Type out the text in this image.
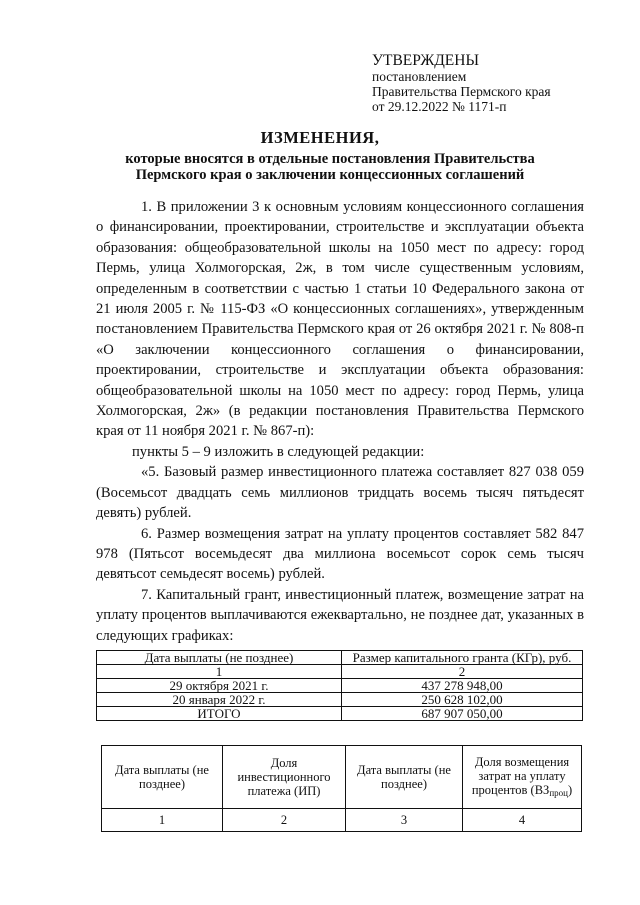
УТВЕРЖДЕНЫ
постановлением
Правительства Пермского края
от 29.12.2022 № 1171-п
ИЗМЕНЕНИЯ,
которые вносятся в отдельные постановления Правительства
Пермского края о заключении концессионных соглашений

1. В приложении 3 к основным условиям концессионного соглашения о финансировании, проектировании, строительстве и эксплуатации объекта образования: общеобразовательной школы на 1050 мест по адресу: город Пермь, улица Холмогорская, 2ж, в том числе существенным условиям, определенным в соответствии с частью 1 статьи 10 Федерального закона от 21 июля 2005 г. № 115-ФЗ «О концессионных соглашениях», утвержденным постановлением Правительства Пермского края от 26 октября 2021 г. № 808-п «О заключении концессионного соглашения о финансировании, проектировании, строительстве и эксплуатации объекта образования: общеобразовательной школы на 1050 мест по адресу: город Пермь, улица Холмогорская, 2ж» (в редакции постановления Правительства Пермского края от 11 ноября 2021 г. № 867-п):

пункты 5 – 9 изложить в следующей редакции:

«5. Базовый размер инвестиционного платежа составляет 827 038 059 (Восемьсот двадцать семь миллионов тридцать восемь тысяч пятьдесят девять) рублей.

6. Размер возмещения затрат на уплату процентов составляет 582 847 978 (Пятьсот восемьдесят два миллиона восемьсот сорок семь тысяч девятьсот семьдесят восемь) рублей.

7. Капитальный грант, инвестиционный платеж, возмещение затрат на уплату процентов выплачиваются ежеквартально, не позднее дат, указанных в следующих графиках:

Дата выплаты (не позднее)	Размер капитального гранта (КГр), руб.
1	2
29 октября 2021 г.	437 278 948,00
20 января 2022 г.	250 628 102,00
ИТОГО	687 907 050,00
Дата выплаты (не позднее)	Доля инвестиционного платежа (ИП)	Дата выплаты (не позднее)	Доля возмещения затрат на уплату процентов $(ВЗ_{проц})$
1	2	3	4
